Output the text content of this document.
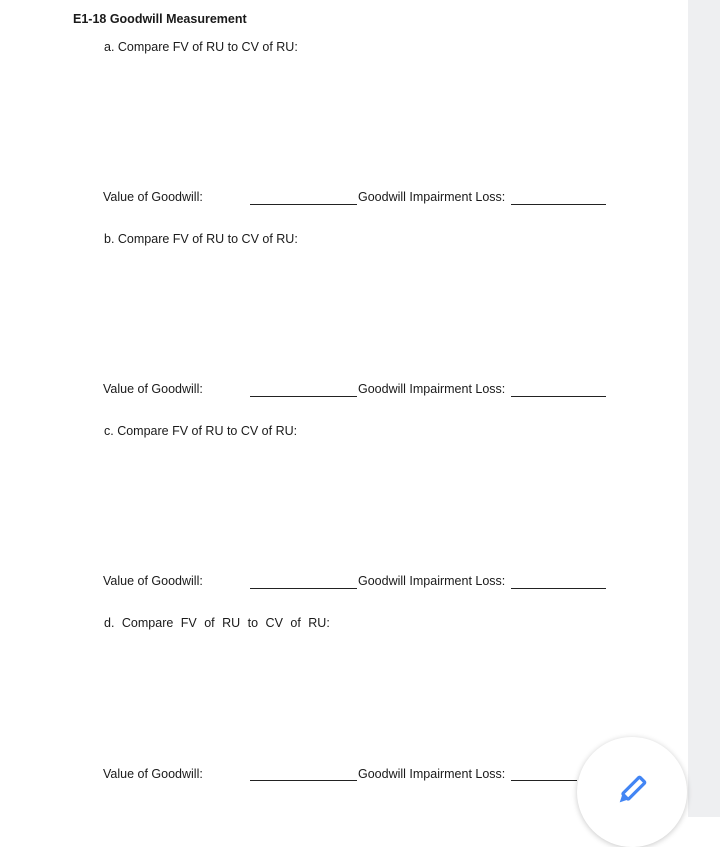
E1-18 Goodwill Measurement
a. Compare FV of RU to CV of RU:
Value of Goodwill:	Goodwill Impairment Loss:
b. Compare FV of RU to CV of RU:
Value of Goodwill:	Goodwill Impairment Loss:
c. Compare FV of RU to CV of RU:
Value of Goodwill:	Goodwill Impairment Loss:
d. Compare FV of RU to CV of RU:
Value of Goodwill:	Goodwill Impairment Loss:
